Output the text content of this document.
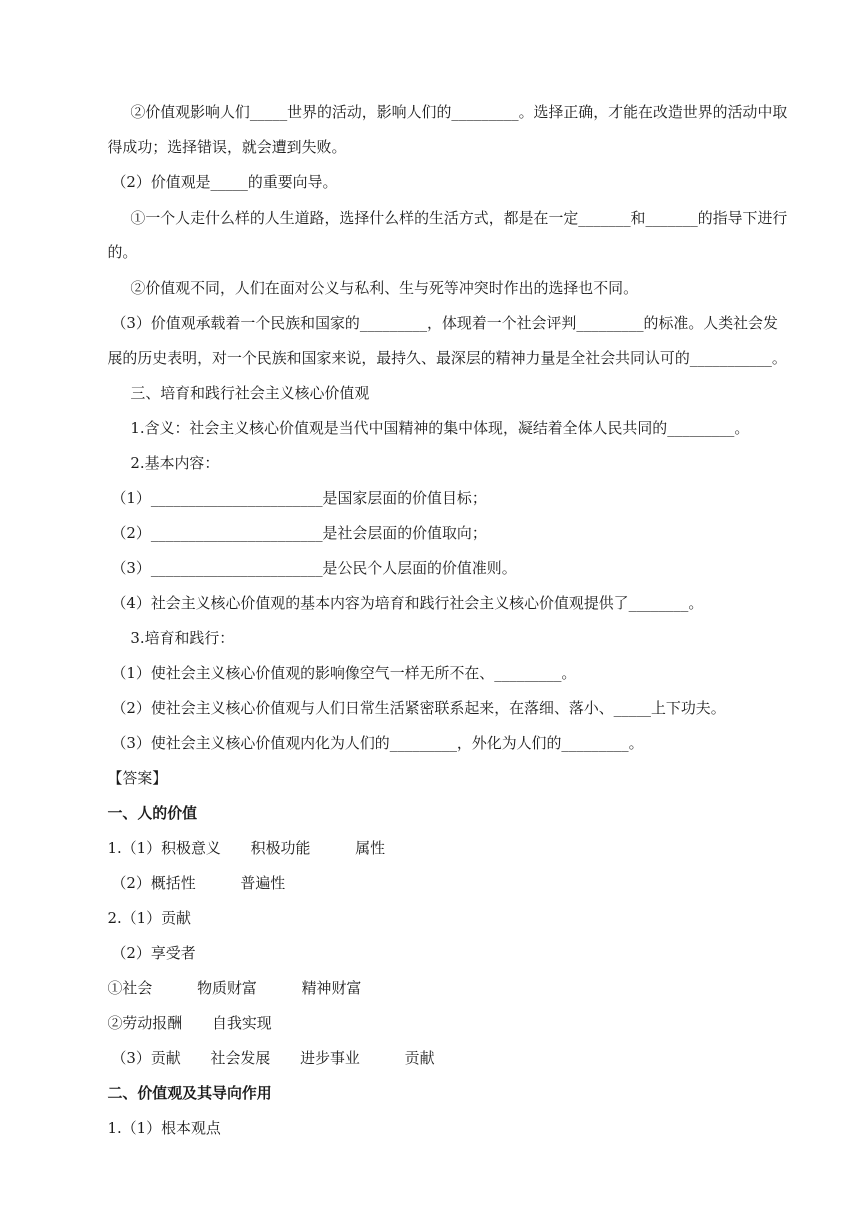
②价值观影响人们_____世界的活动，影响人们的_________。选择正确，才能在改造世界的活动中取
得成功；选择错误，就会遭到失败。
（2）价值观是_____的重要向导。
①一个人走什么样的人生道路，选择什么样的生活方式，都是在一定_______和_______的指导下进行
的。
②价值观不同，人们在面对公义与私利、生与死等冲突时作出的选择也不同。
（3）价值观承载着一个民族和国家的_________，体现着一个社会评判_________的标准。人类社会发
展的历史表明，对一个民族和国家来说，最持久、最深层的精神力量是全社会共同认可的___________。
三、培育和践行社会主义核心价值观
1.含义：社会主义核心价值观是当代中国精神的集中体现，凝结着全体人民共同的_________。
2.基本内容：
（1）_______________________是国家层面的价值目标；
（2）_______________________是社会层面的价值取向；
（3）_______________________是公民个人层面的价值准则。
（4）社会主义核心价值观的基本内容为培育和践行社会主义核心价值观提供了________。
3.培育和践行：
（1）使社会主义核心价值观的影响像空气一样无所不在、_________。
（2）使社会主义核心价值观与人们日常生活紧密联系起来，在落细、落小、_____上下功夫。
（3）使社会主义核心价值观内化为人们的_________，外化为人们的_________。
【答案】
一、人的价值
1.（1）积极意义　　积极功能　　　属性
（2）概括性　　　普遍性
2.（1）贡献
（2）享受者
①社会　　　物质财富　　　精神财富
②劳动报酬　　自我实现
（3）贡献　　社会发展　　进步事业　　　贡献
二、价值观及其导向作用
1.（1）根本观点
